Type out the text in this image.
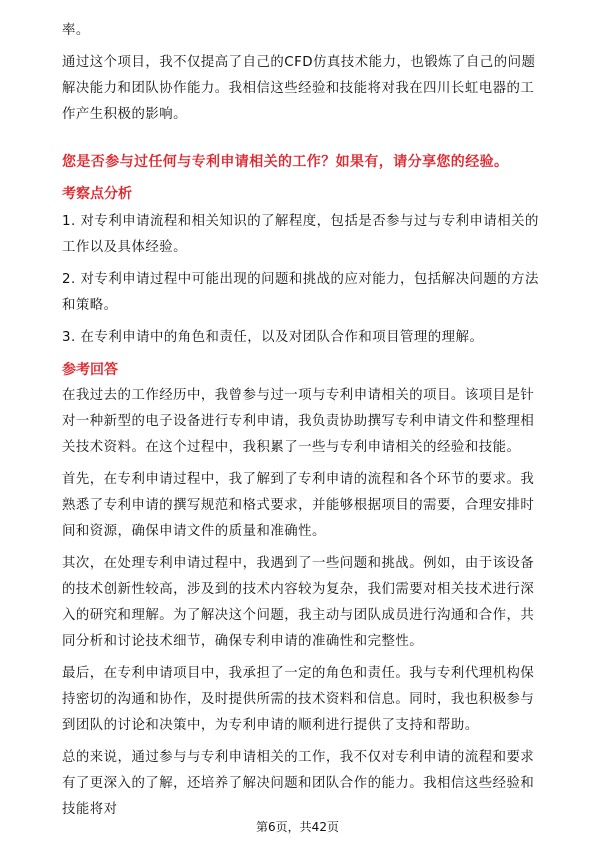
率。

通过这个项目，我不仅提高了自己的CFD仿真技术能力，也锻炼了自己的问题解决能力和团队协作能力。我相信这些经验和技能将对我在四川长虹电器的工作产生积极的影响。

您是否参与过任何与专利申请相关的工作？如果有，请分享您的经验。

考察点分析

1. 对专利申请流程和相关知识的了解程度，包括是否参与过与专利申请相关的工作以及具体经验。

2. 对专利申请过程中可能出现的问题和挑战的应对能力，包括解决问题的方法和策略。

3. 在专利申请中的角色和责任，以及对团队合作和项目管理的理解。

参考回答

在我过去的工作经历中，我曾参与过一项与专利申请相关的项目。该项目是针对一种新型的电子设备进行专利申请，我负责协助撰写专利申请文件和整理相关技术资料。在这个过程中，我积累了一些与专利申请相关的经验和技能。

首先，在专利申请过程中，我了解到了专利申请的流程和各个环节的要求。我熟悉了专利申请的撰写规范和格式要求，并能够根据项目的需要，合理安排时间和资源，确保申请文件的质量和准确性。

其次，在处理专利申请过程中，我遇到了一些问题和挑战。例如，由于该设备的技术创新性较高，涉及到的技术内容较为复杂，我们需要对相关技术进行深入的研究和理解。为了解决这个问题，我主动与团队成员进行沟通和合作，共同分析和讨论技术细节，确保专利申请的准确性和完整性。

最后，在专利申请项目中，我承担了一定的角色和责任。我与专利代理机构保持密切的沟通和协作，及时提供所需的技术资料和信息。同时，我也积极参与到团队的讨论和决策中，为专利申请的顺利进行提供了支持和帮助。

总的来说，通过参与与专利申请相关的工作，我不仅对专利申请的流程和要求有了更深入的了解，还培养了解决问题和团队合作的能力。我相信这些经验和技能将对

第6页，共42页
